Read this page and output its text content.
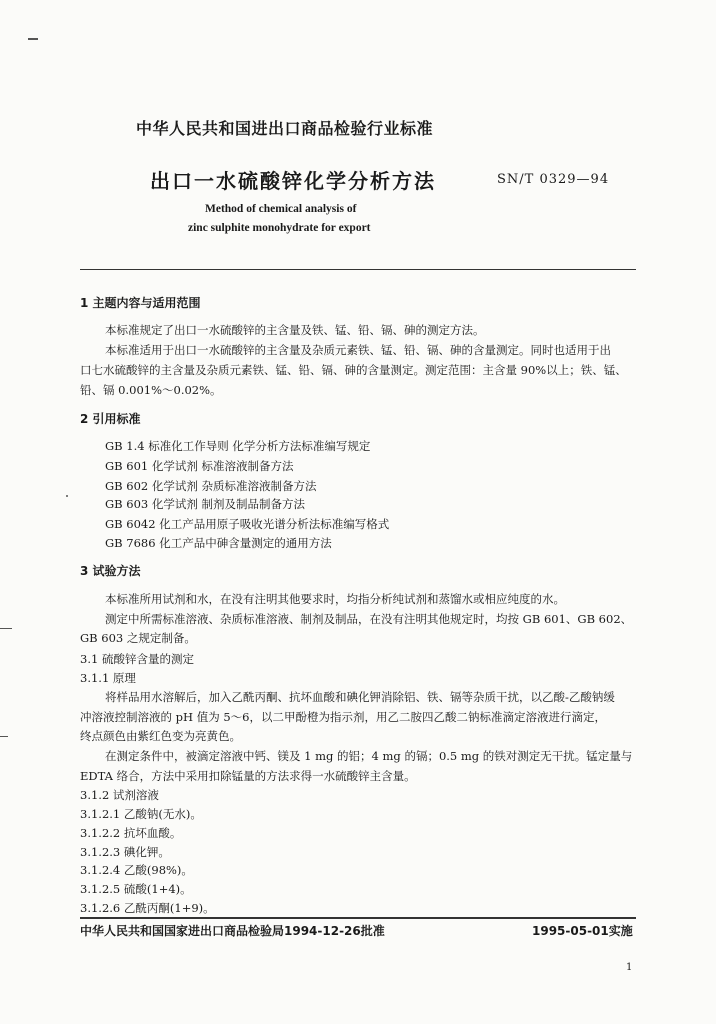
中华人民共和国进出口商品检验行业标准
出口一水硫酸锌化学分析方法	SN/T 0329—94
Method of chemical analysis of
zinc sulphite monohydrate for export
1 主题内容与适用范围
本标准规定了出口一水硫酸锌的主含量及铁、锰、铅、镉、砷的测定方法。
本标准适用于出口一水硫酸锌的主含量及杂质元素铁、锰、铅、镉、砷的含量测定。同时也适用于出
口七水硫酸锌的主含量及杂质元素铁、锰、铅、镉、砷的含量测定。测定范围：主含量 90%以上；铁、锰、
铅、镉 0.001%～0.02%。
2 引用标准
GB 1.4 标准化工作导则 化学分析方法标准编写规定
GB 601 化学试剂 标准溶液制备方法
GB 602 化学试剂 杂质标准溶液制备方法
GB 603 化学试剂 制剂及制品制备方法
GB 6042 化工产品用原子吸收光谱分析法标准编写格式
GB 7686 化工产品中砷含量测定的通用方法
3 试验方法
本标准所用试剂和水，在没有注明其他要求时，均指分析纯试剂和蒸馏水或相应纯度的水。
测定中所需标准溶液、杂质标准溶液、制剂及制品，在没有注明其他规定时，均按 GB 601、GB 602、
GB 603 之规定制备。
3.1 硫酸锌含量的测定
3.1.1 原理
将样品用水溶解后，加入乙酰丙酮、抗坏血酸和碘化钾消除铝、铁、镉等杂质干扰，以乙酸-乙酸钠缓
冲溶液控制溶液的 pH 值为 5～6，以二甲酚橙为指示剂，用乙二胺四乙酸二钠标准滴定溶液进行滴定，
终点颜色由紫红色变为亮黄色。
在测定条件中，被滴定溶液中钙、镁及 1 mg 的铝；4 mg 的镉；0.5 mg 的铁对测定无干扰。锰定量与
EDTA 络合，方法中采用扣除锰量的方法求得一水硫酸锌主含量。
3.1.2 试剂溶液
3.1.2.1 乙酸钠(无水)。
3.1.2.2 抗坏血酸。
3.1.2.3 碘化钾。
3.1.2.4 乙酸(98%)。
3.1.2.5 硫酸(1+4)。
3.1.2.6 乙酰丙酮(1+9)。
中华人民共和国国家进出口商品检验局1994-12-26批准	1995-05-01实施
1
